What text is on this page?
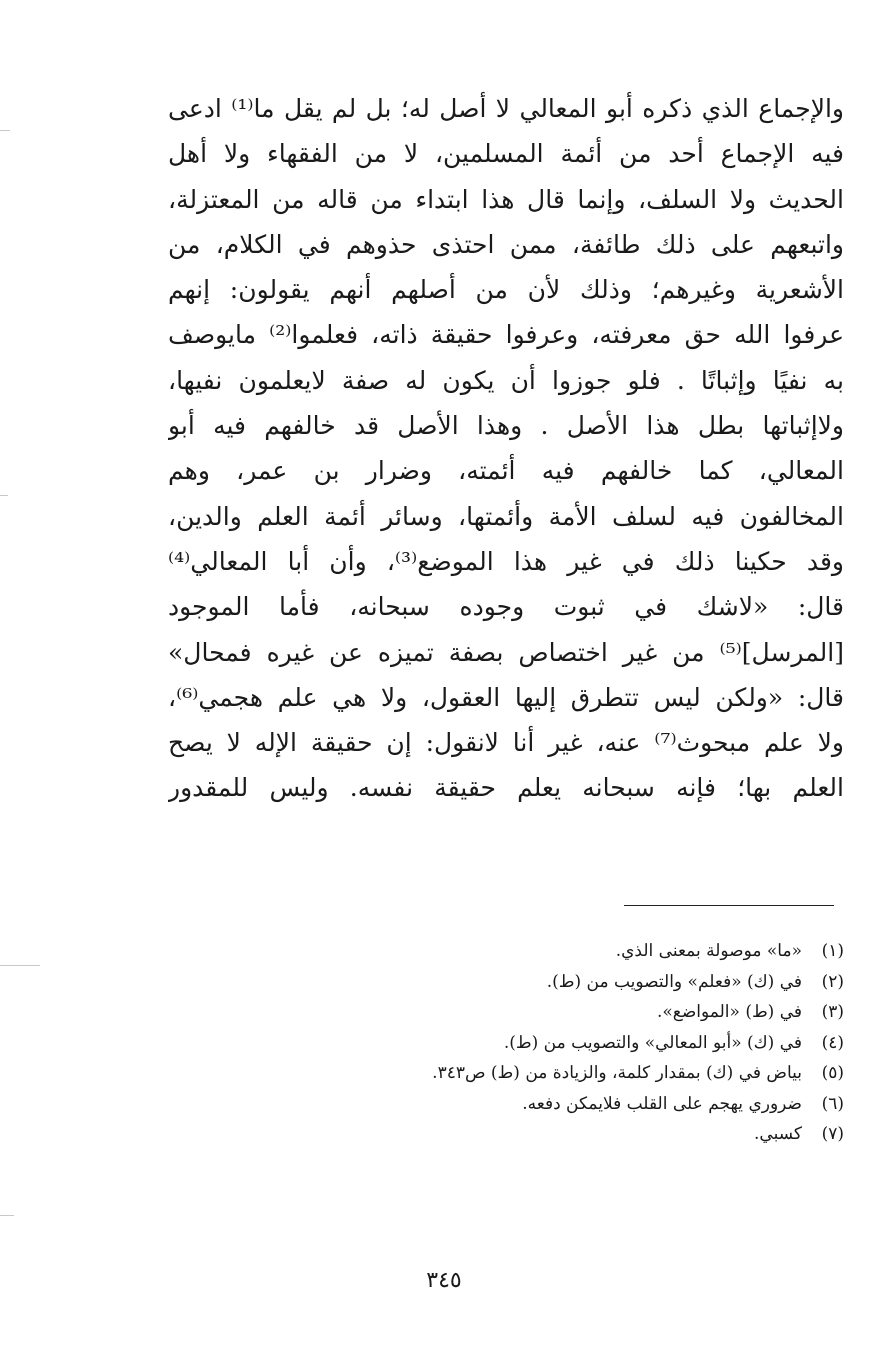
والإجماع الذي ذكره أبو المعالي لا أصل له؛ بل لم يقل ما⁽¹⁾ ادعى
فيه الإجماع أحد من أئمة المسلمين، لا من الفقهاء ولا أهل
الحديث ولا السلف، وإنما قال هذا ابتداء من قاله من المعتزلة،
واتبعهم على ذلك طائفة، ممن احتذى حذوهم في الكلام، من
الأشعرية وغيرهم؛ وذلك لأن من أصلهم أنهم يقولون: إنهم
عرفوا الله حق معرفته، وعرفوا حقيقة ذاته، فعلموا⁽²⁾ مايوصف
به نفيًا وإثباتًا . فلو جوزوا أن يكون له صفة لايعلمون نفيها،
ولاإثباتها بطل هذا الأصل . وهذا الأصل قد خالفهم فيه أبو
المعالي، كما خالفهم فيه أئمته، وضرار بن عمر، وهم
المخالفون فيه لسلف الأمة وأئمتها، وسائر أئمة العلم والدين،
وقد حكينا ذلك في غير هذا الموضع⁽³⁾، وأن أبا المعالي⁽⁴⁾
قال: «لاشك في ثبوت وجوده سبحانه، فأما الموجود
[المرسل]⁽⁵⁾ من غير اختصاص بصفة تميزه عن غيره فمحال»
قال: «ولكن ليس تتطرق إليها العقول، ولا هي علم هجمي⁽⁶⁾،
ولا علم مبحوث⁽⁷⁾ عنه، غير أنا لانقول: إن حقيقة الإله لا يصح
العلم بها؛ فإنه سبحانه يعلم حقيقة نفسه. وليس للمقدور
(١)
«ما» موصولة بمعنى الذي.
(٢)
في (ك) «فعلم» والتصويب من (ط).
(٣)
في (ط) «المواضع».
(٤)
في (ك) «أبو المعالي» والتصويب من (ط).
(٥)
بياض في (ك) بمقدار كلمة، والزيادة من (ط) ص٣٤٣.
(٦)
ضروري يهجم على القلب فلايمكن دفعه.
(٧)
كسبي.
٣٤٥
